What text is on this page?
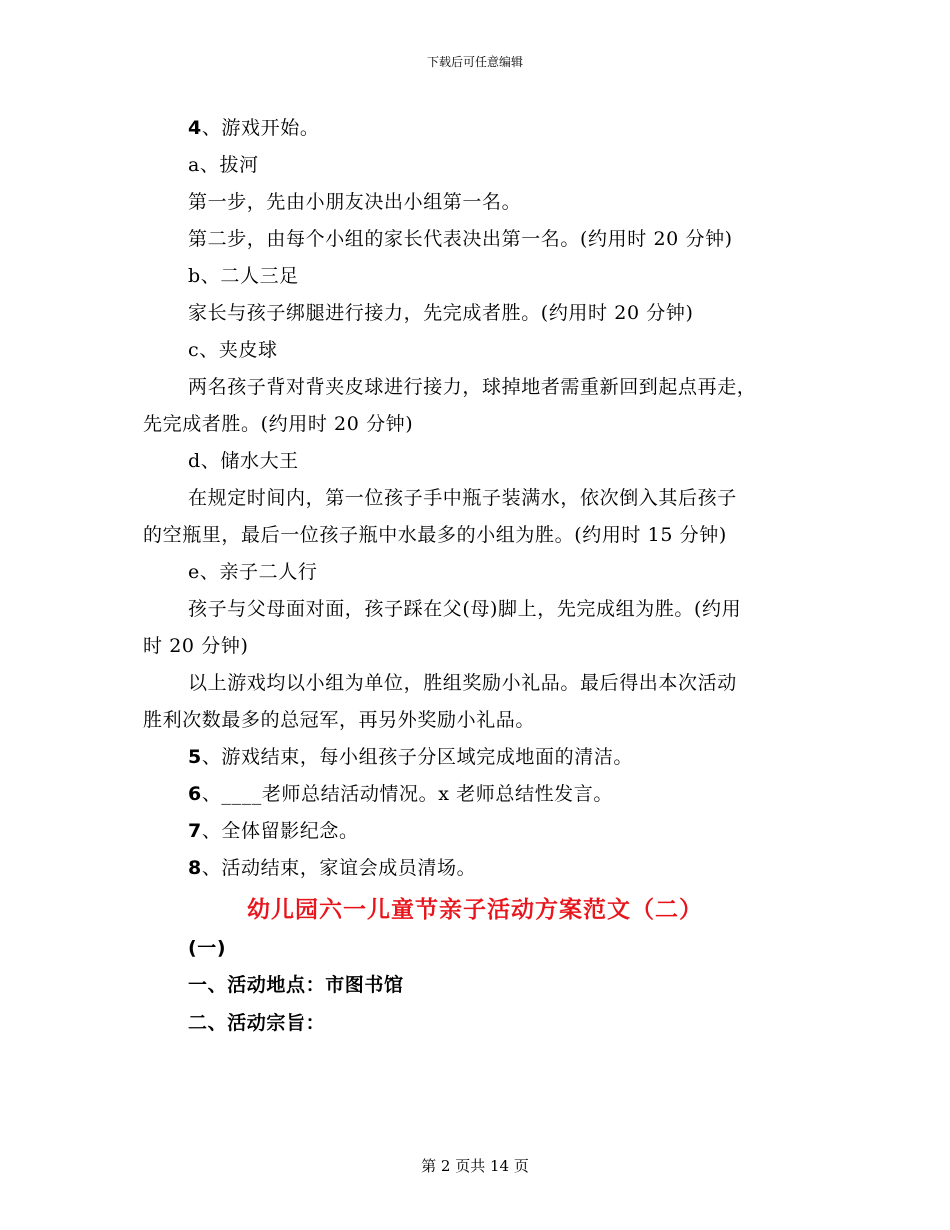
下载后可任意编辑
4、游戏开始。
a、拔河
第一步，先由小朋友决出小组第一名。
第二步，由每个小组的家长代表决出第一名。(约用时 20 分钟)
b、二人三足
家长与孩子绑腿进行接力，先完成者胜。(约用时 20 分钟)
c、夹皮球
两名孩子背对背夹皮球进行接力，球掉地者需重新回到起点再走，
先完成者胜。(约用时 20 分钟)
d、储水大王
在规定时间内，第一位孩子手中瓶子装满水，依次倒入其后孩子
的空瓶里，最后一位孩子瓶中水最多的小组为胜。(约用时 15 分钟)
e、亲子二人行
孩子与父母面对面，孩子踩在父(母)脚上，先完成组为胜。(约用
时 20 分钟)
以上游戏均以小组为单位，胜组奖励小礼品。最后得出本次活动
胜利次数最多的总冠军，再另外奖励小礼品。
5、游戏结束，每小组孩子分区域完成地面的清洁。
6、____老师总结活动情况。x 老师总结性发言。
7、全体留影纪念。
8、活动结束，家谊会成员清场。
幼儿园六一儿童节亲子活动方案范文（二）
(一)
一、活动地点：市图书馆
二、活动宗旨：
第 2 页共 14 页
